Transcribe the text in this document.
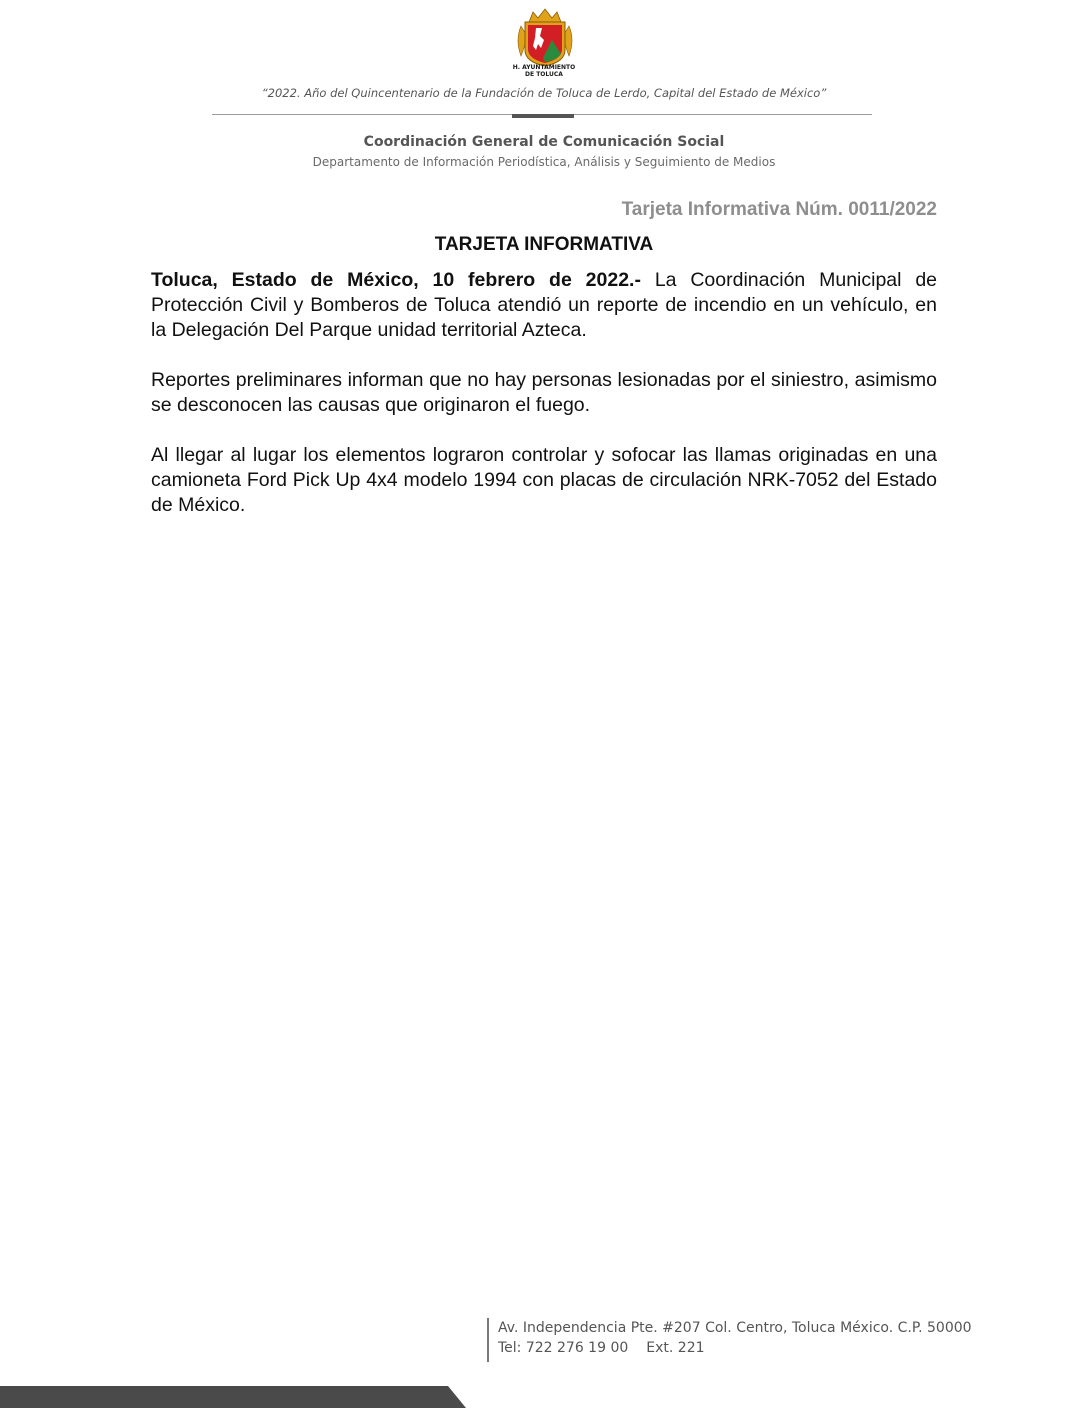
H. AYUNTAMIENTO
DE TOLUCA
“2022. Año del Quincentenario de la Fundación de Toluca de Lerdo, Capital del Estado de México”
Coordinación General de Comunicación Social
Departamento de Información Periodística, Análisis y Seguimiento de Medios
Tarjeta Informativa Núm. 0011/2022
TARJETA INFORMATIVA

Toluca, Estado de México, 10 febrero de 2022.- La Coordinación Municipal de Protección Civil y Bomberos de Toluca atendió un reporte de incendio en un vehículo, en la Delegación Del Parque unidad territorial Azteca.

Reportes preliminares informan que no hay personas lesionadas por el siniestro, asimismo se desconocen las causas que originaron el fuego.

Al llegar al lugar los elementos lograron controlar y sofocar las llamas originadas en una camioneta Ford Pick Up 4x4 modelo 1994 con placas de circulación NRK-7052 del Estado de México.

Av. Independencia Pte. #207 Col. Centro, Toluca México. C.P. 50000
Tel: 722 276 19 00 Ext. 221
